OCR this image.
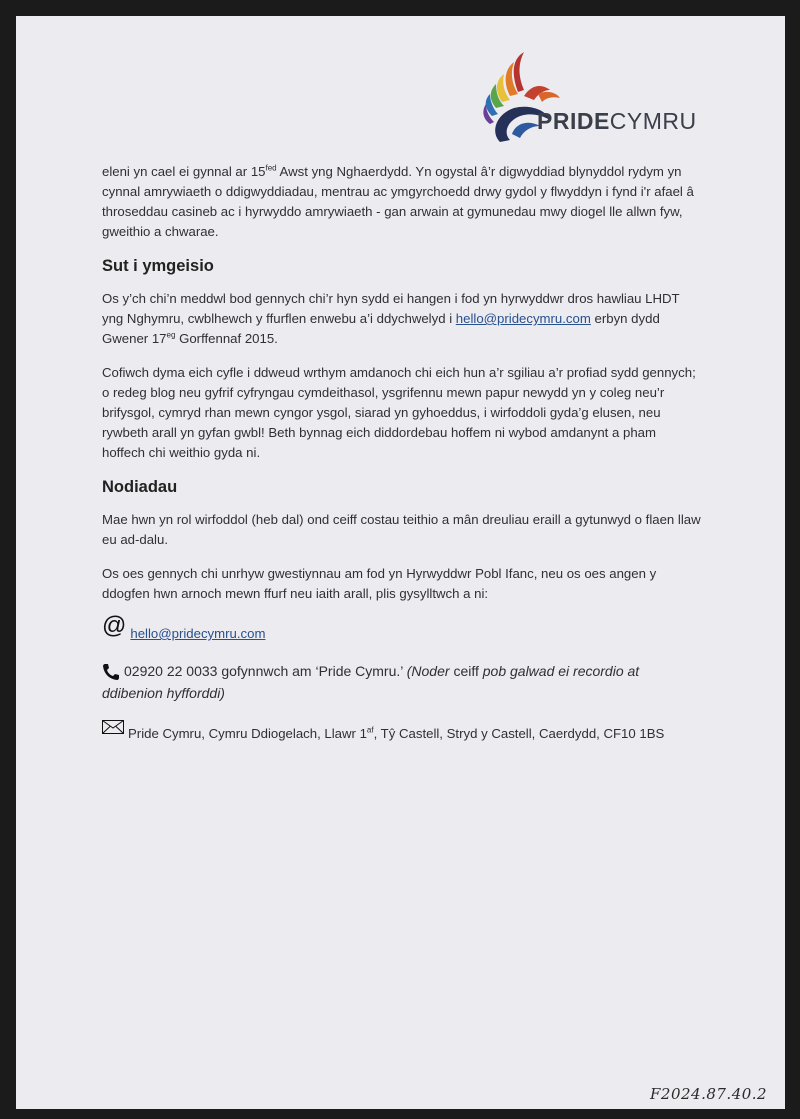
PRIDECYMRU

eleni yn cael ei gynnal ar $15^{fed}$ Awst yng Nghaerdydd. Yn ogystal â’r digwyddiad blynyddol rydym yn cynnal amrywiaeth o ddigwyddiadau, mentrau ac ymgyrchoedd drwy gydol y flwyddyn i fynd i'r afael â throseddau casineb ac i hyrwyddo amrywiaeth - gan arwain at gymunedau mwy diogel lle allwn fyw, gweithio a chwarae.

Sut i ymgeisio

Os y’ch chi’n meddwl bod gennych chi’r hyn sydd ei hangen i fod yn hyrwyddwr dros hawliau LHDT yng Nghymru, cwblhewch y ffurflen enwebu a’i ddychwelyd i hello@pridecymru.com erbyn dydd Gwener $17^{eg}$ Gorffennaf 2015.

Cofiwch dyma eich cyfle i ddweud wrthym amdanoch chi eich hun a’r sgiliau a’r profiad sydd gennych; o redeg blog neu gyfrif cyfryngau cymdeithasol, ysgrifennu mewn papur newydd yn y coleg neu’r brifysgol, cymryd rhan mewn cyngor ysgol, siarad yn gyhoeddus, i wirfoddoli gyda’g elusen, neu rywbeth arall yn gyfan gwbl! Beth bynnag eich diddordebau hoffem ni wybod amdanynt a pham hoffech chi weithio gyda ni.

Nodiadau

Mae hwn yn rol wirfoddol (heb dal) ond ceiff costau teithio a mân dreuliau eraill a gytunwyd o flaen llaw eu ad-dalu.

Os oes gennych chi unrhyw gwestiynnau am fod yn Hyrwyddwr Pobl Ifanc, neu os oes angen y ddogfen hwn arnoch mewn ffurf neu iaith arall, plis gysylltwch a ni:

@ hello@pridecymru.com
02920 22 0033 gofynnwch am ‘Pride Cymru.’ (Noder ceiff pob galwad ei recordio at ddibenion hyfforddi)
Pride Cymru, Cymru Ddiogelach, Llawr $1^{af}$, Tŷ Castell, Stryd y Castell, Caerdydd, CF10 1BS
F2024.87.40.2
